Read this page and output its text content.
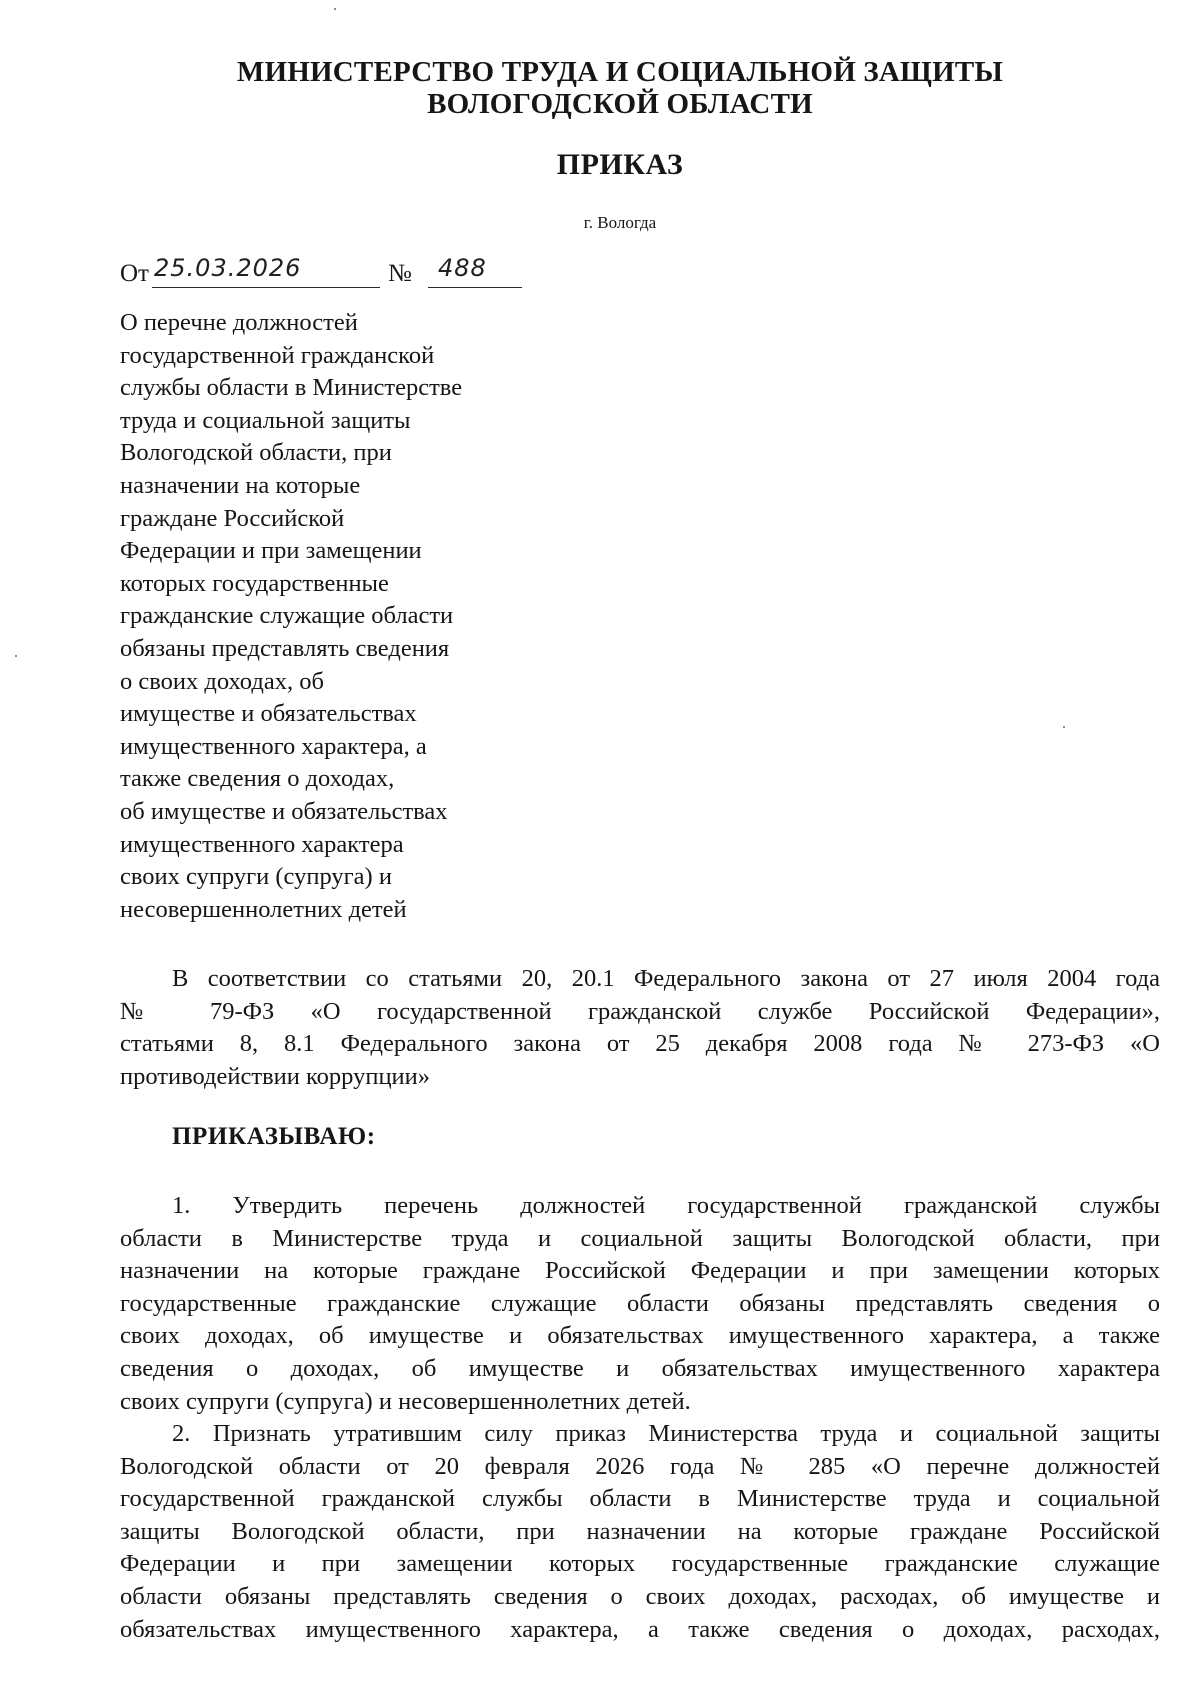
МИНИСТЕРСТВО ТРУДА И СОЦИАЛЬНОЙ ЗАЩИТЫ
ВОЛОГОДСКОЙ ОБЛАСТИ
ПРИКАЗ
г. Вологда
От 25.03.2026	№ 488
О перечне должностей
государственной гражданской
службы области в Министерстве
труда и социальной защиты
Вологодской области, при
назначении на которые
граждане Российской
Федерации и при замещении
которых государственные
гражданские служащие области
обязаны представлять сведения
о своих доходах, об
имуществе и обязательствах
имущественного характера, а
также сведения о доходах,
об имуществе и обязательствах
имущественного характера
своих супруги (супруга) и
несовершеннолетних детей
В соответствии со статьями 20, 20.1 Федерального закона от 27 июля 2004 года
№ 79-ФЗ «О государственной гражданской службе Российской Федерации»,
статьями 8, 8.1 Федерального закона от 25 декабря 2008 года № 273-ФЗ «О
противодействии коррупции»
ПРИКАЗЫВАЮ:
1. Утвердить перечень должностей государственной гражданской службы
области в Министерстве труда и социальной защиты Вологодской области, при
назначении на которые граждане Российской Федерации и при замещении которых
государственные гражданские служащие области обязаны представлять сведения о
своих доходах, об имуществе и обязательствах имущественного характера, а также
сведения о доходах, об имуществе и обязательствах имущественного характера
своих супруги (супруга) и несовершеннолетних детей.
2. Признать утратившим силу приказ Министерства труда и социальной защиты
Вологодской области от 20 февраля 2026 года № 285 «О перечне должностей
государственной гражданской службы области в Министерстве труда и социальной
защиты Вологодской области, при назначении на которые граждане Российской
Федерации и при замещении которых государственные гражданские служащие
области обязаны представлять сведения о своих доходах, расходах, об имуществе и
обязательствах имущественного характера, а также сведения о доходах, расходах,
